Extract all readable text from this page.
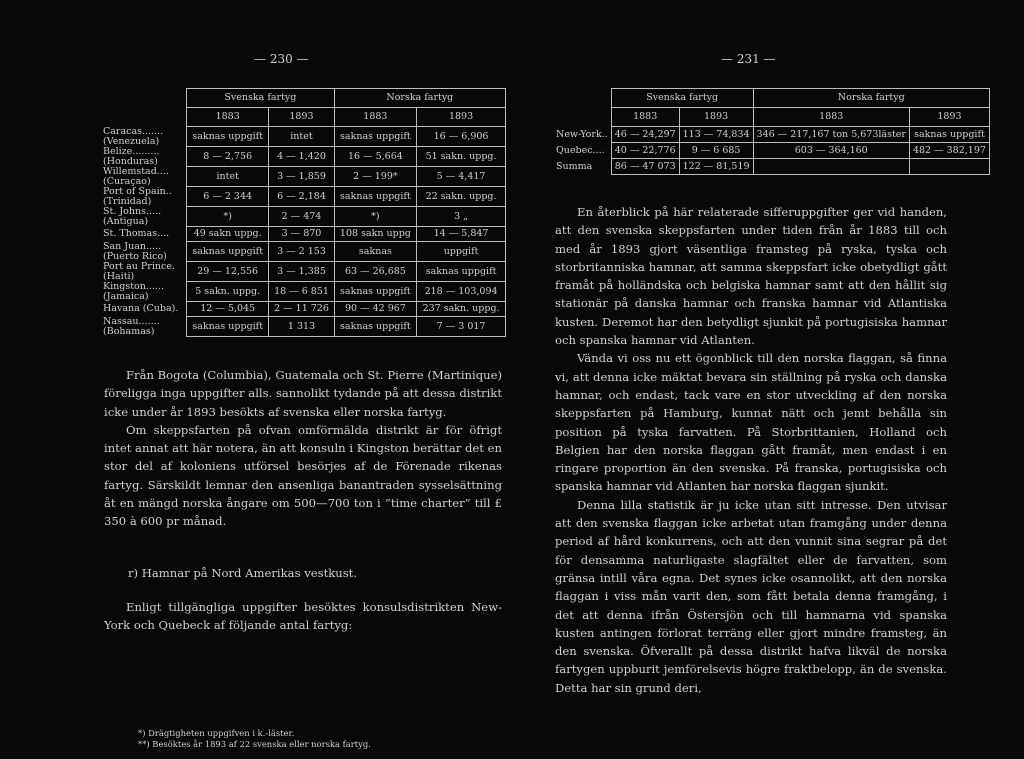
— 230 —
	Svenska fartyg		Norska fartyg	
	1883	1893	1883	1893

Caracas.......
(Venezuela)	saknas uppgift	intet	saknas uppgift	16 — 6,906

Belize.........
(Honduras)	8 — 2,756	4 — 1,420	16 — 5,664	51 sakn. uppg.

Willemstad....
(Curaçao)	intet	3 — 1,859	2 — 199*	5 — 4,417

Port of Spain..
(Trinidad)	6 — 2 344	6 — 2,184	saknas uppgift	22 sakn. uppg.

St. Johns.....
(Antigua)	*)	2 — 474	*)	3 „

St. Thomas....	49 sakn uppg.	3 — 870	108 sakn uppg	14 — 5,847

San Juan.....
(Puerto Rico)	saknas uppgift	3 — 2 153	saknas	uppgift

Port au Prince.
(Haiti)	29 — 12,556	3 — 1,385	63 — 26,685	saknas uppgift

Kingston......
(Jamaica)	5 sakn. uppg.	18 — 6 851	saknas uppgift	218 — 103,094

Havana (Cuba).	12 — 5,045	2 — 11 726	90 — 42 967	237 sakn. uppg.

Nassau.......
(Bohamas)	saknas uppgift	1 313	saknas uppgift	7 — 3 017

Från Bogota (Columbia), Guatemala och St. Pierre (Martinique) föreligga inga uppgifter alls. sannolikt tydande på att dessa distrikt icke under år 1893 besökts af svenska eller norska fartyg.

Om skeppsfarten på ofvan omförmälda distrikt är för öfrigt intet annat att här notera, än att konsuln i Kingston berättar det en stor del af koloniens utförsel besörjes af de Förenade rikenas fartyg. Särskildt lemnar den ansenliga banantraden sysselsättning åt en mängd norska ångare om 500—700 ton i ”time charter” till £ 350 à 600 pr månad.

r) Hamnar på Nord Amerikas vestkust.

Enligt tillgängliga uppgifter besöktes konsulsdistrikten New-York och Quebeck af följande antal fartyg:

*) Drägtigheten uppgifven i k.-läster.
**) Besöktes år 1893 af 22 svenska eller norska fartyg.
— 231 —
	Svenska fartyg		Norska fartyg	
	1883	1893	1883	1893

New-York..	46 — 24,297	113 — 74,834	346 — 217,167 ton 5,673läster	saknas uppgift

Quebec....	40 — 22,776	9 — 6 685	603 — 364,160	482 — 382,197

Summa	86 — 47 073	122 — 81,519		

En återblick på här relaterade sifferuppgifter ger vid handen, att den svenska skeppsfarten under tiden från år 1883 till och med år 1893 gjort väsentliga framsteg på ryska, tyska och storbritanniska hamnar, att samma skeppsfart icke obetydligt gått framåt på holländska och belgiska hamnar samt att den hållit sig stationär på danska hamnar och franska hamnar vid Atlantiska kusten. Deremot har den betydligt sjunkit på portugisiska hamnar och spanska hamnar vid Atlanten.

Vända vi oss nu ett ögonblick till den norska flaggan, så finna vi, att denna icke mäktat bevara sin ställning på ryska och danska hamnar, och endast, tack vare en stor utveckling af den norska skeppsfarten på Hamburg, kunnat nätt och jemt behålla sin position på tyska farvatten. På Storbrittanien, Holland och Belgien har den norska flaggan gått framåt, men endast i en ringare proportion än den svenska. På franska, portugisiska och spanska hamnar vid Atlanten har norska flaggan sjunkit.

Denna lilla statistik är ju icke utan sitt intresse. Den utvisar att den svenska flaggan icke arbetat utan framgång under denna period af hård konkurrens, och att den vunnit sina segrar på det för densamma naturligaste slagfältet eller de farvatten, som gränsa intill våra egna. Det synes icke osannolikt, att den norska flaggan i viss mån varit den, som fått betala denna framgång, i det att denna ifrån Östersjön och till hamnarna vid spanska kusten antingen förlorat terräng eller gjort mindre framsteg, än den svenska. Öfverallt på dessa distrikt hafva likväl de norska fartygen uppburit jemförelsevis högre fraktbelopp, än de svenska. Detta har sin grund deri,
